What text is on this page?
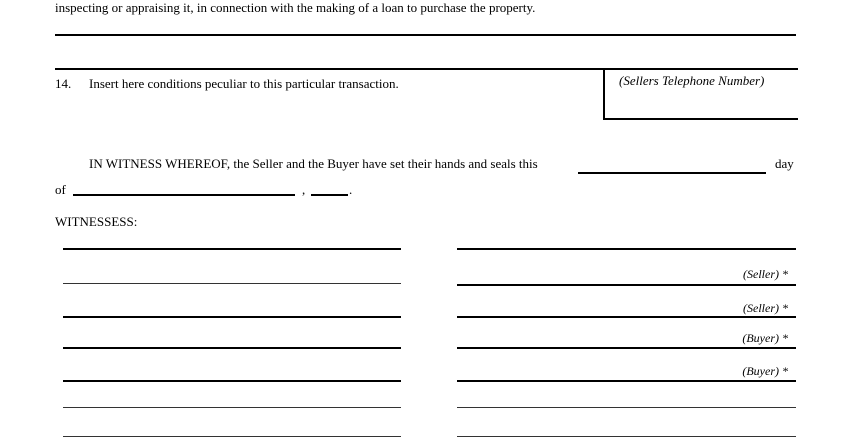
inspecting or appraising it, in connection with the making of a loan to purchase the property.
14. Insert here conditions peculiar to this particular transaction.	(Sellers Telephone Number)
IN WITNESS WHEREOF, the Seller and the Buyer have set their hands and seals this	day
of	,	.
WITNESSESS:
(Seller) *
(Seller) *
(Buyer) *
(Buyer) *
